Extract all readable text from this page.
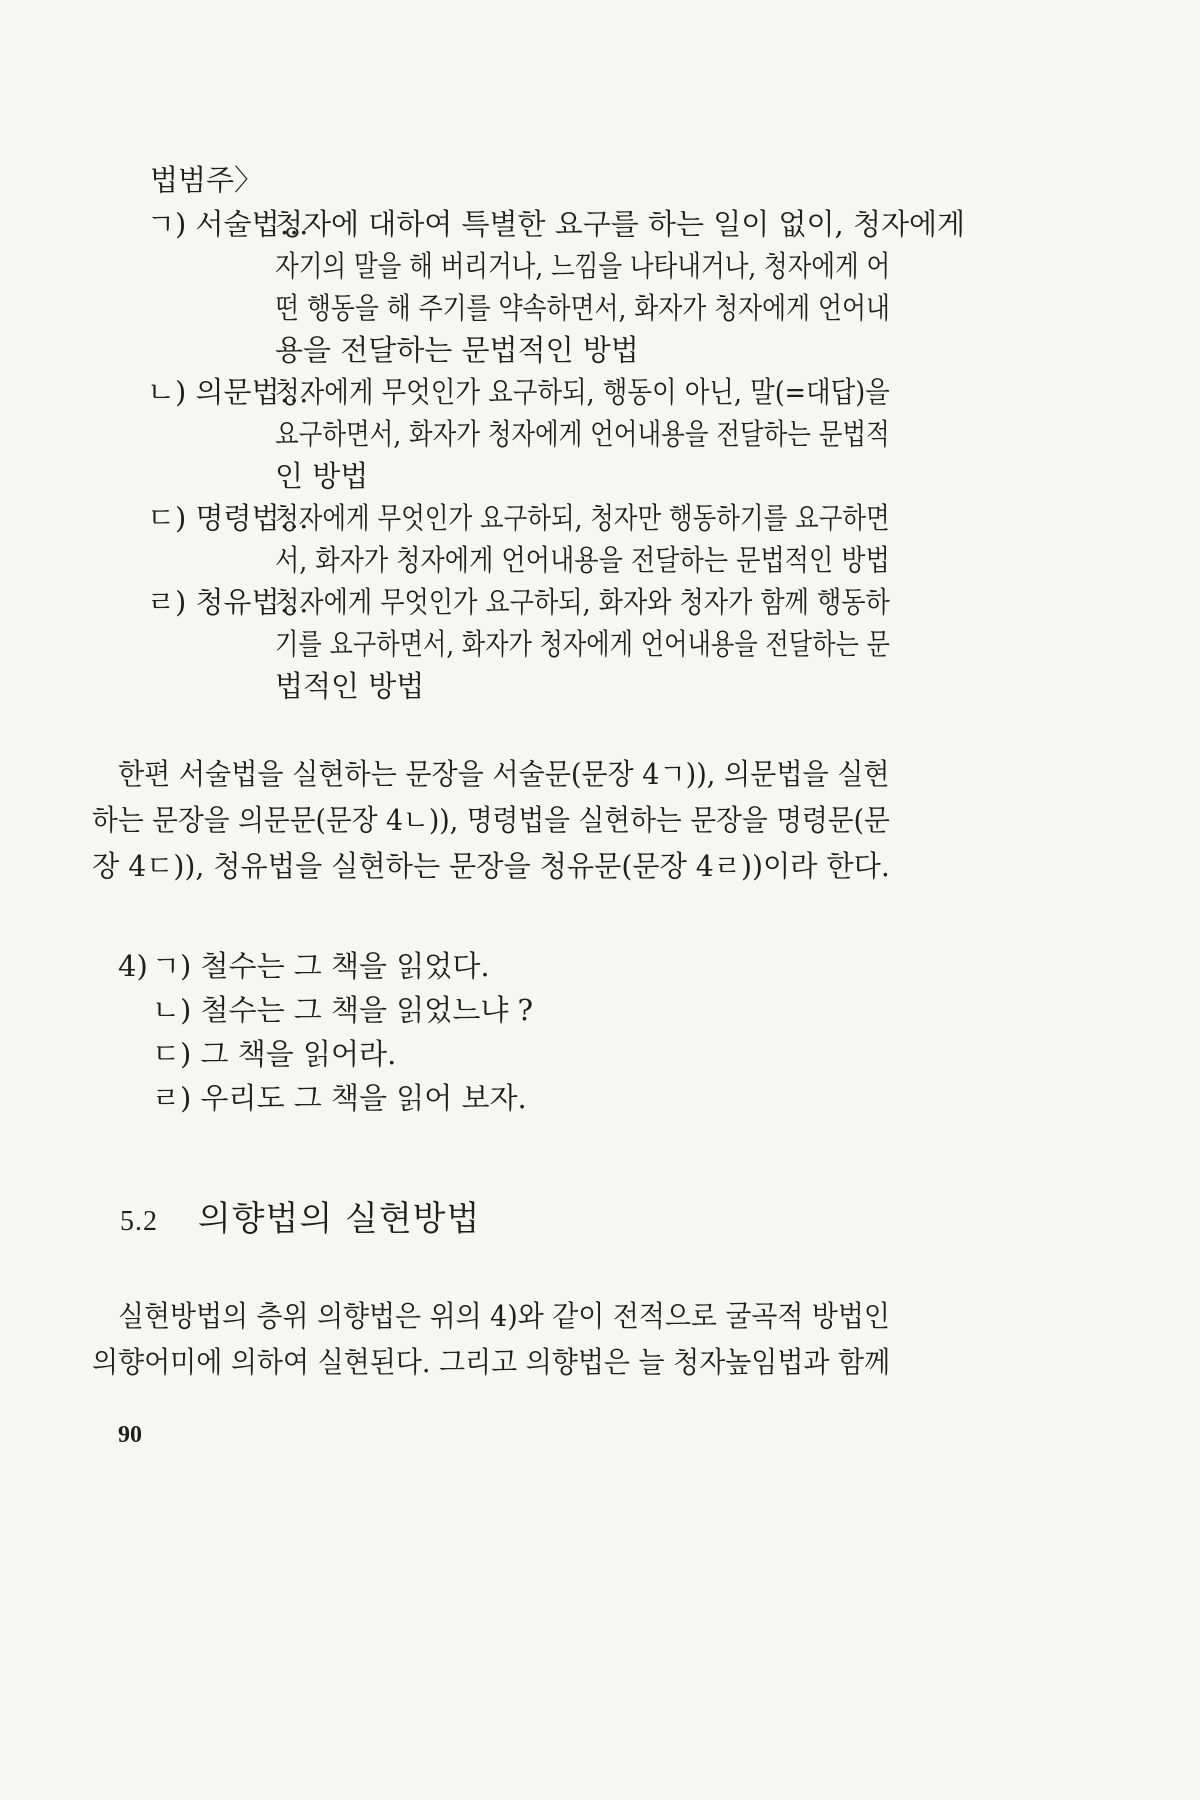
법범주〉
ㄱ) 서술법…
청자에 대하여 특별한 요구를 하는 일이 없이, 청자에게
자기의 말을 해 버리거나, 느낌을 나타내거나, 청자에게 어
떤 행동을 해 주기를 약속하면서, 화자가 청자에게 언어내
용을 전달하는 문법적인 방법
ㄴ) 의문법…
청자에게 무엇인가 요구하되, 행동이 아닌, 말(=대답)을
요구하면서, 화자가 청자에게 언어내용을 전달하는 문법적
인 방법
ㄷ) 명령법…
청자에게 무엇인가 요구하되, 청자만 행동하기를 요구하면
서, 화자가 청자에게 언어내용을 전달하는 문법적인 방법
ㄹ) 청유법…
청자에게 무엇인가 요구하되, 화자와 청자가 함께 행동하
기를 요구하면서, 화자가 청자에게 언어내용을 전달하는 문
법적인 방법
한편 서술법을 실현하는 문장을 서술문(문장 4ㄱ)), 의문법을 실현
하는 문장을 의문문(문장 4ㄴ)), 명령법을 실현하는 문장을 명령문(문
장 4ㄷ)), 청유법을 실현하는 문장을 청유문(문장 4ㄹ))이라 한다.
4) ㄱ) 철수는 그 책을 읽었다.
ㄴ) 철수는 그 책을 읽었느냐 ?
ㄷ) 그 책을 읽어라.
ㄹ) 우리도 그 책을 읽어 보자.
5.2 의향법의 실현방법
실현방법의 층위 의향법은 위의 4)와 같이 전적으로 굴곡적 방법인
의향어미에 의하여 실현된다. 그리고 의향법은 늘 청자높임법과 함께
90
